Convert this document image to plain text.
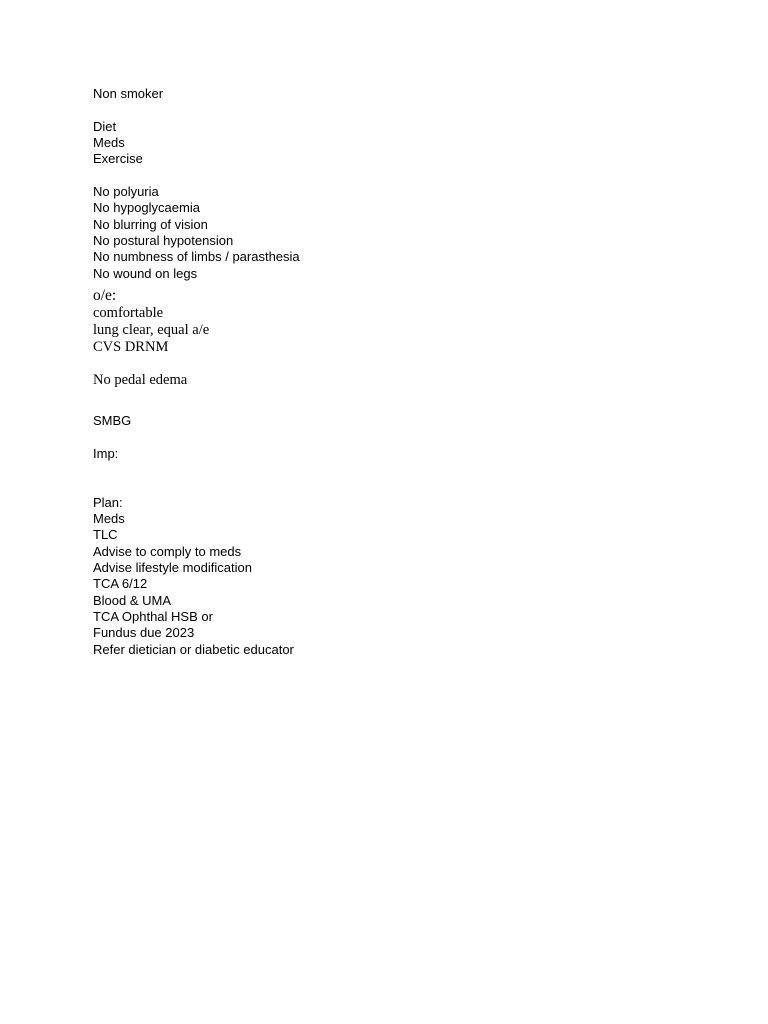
Non smoker
Diet
Meds
Exercise
No polyuria
No hypoglycaemia
No blurring of vision
No postural hypotension
No numbness of limbs / parasthesia
No wound on legs
o/e:
comfortable
lung clear, equal a/e
CVS DRNM
No pedal edema
SMBG
Imp:
Plan:
Meds
TLC
Advise to comply to meds
Advise lifestyle modification
TCA 6/12
Blood & UMA
TCA Ophthal HSB or
Fundus due 2023
Refer dietician or diabetic educator
